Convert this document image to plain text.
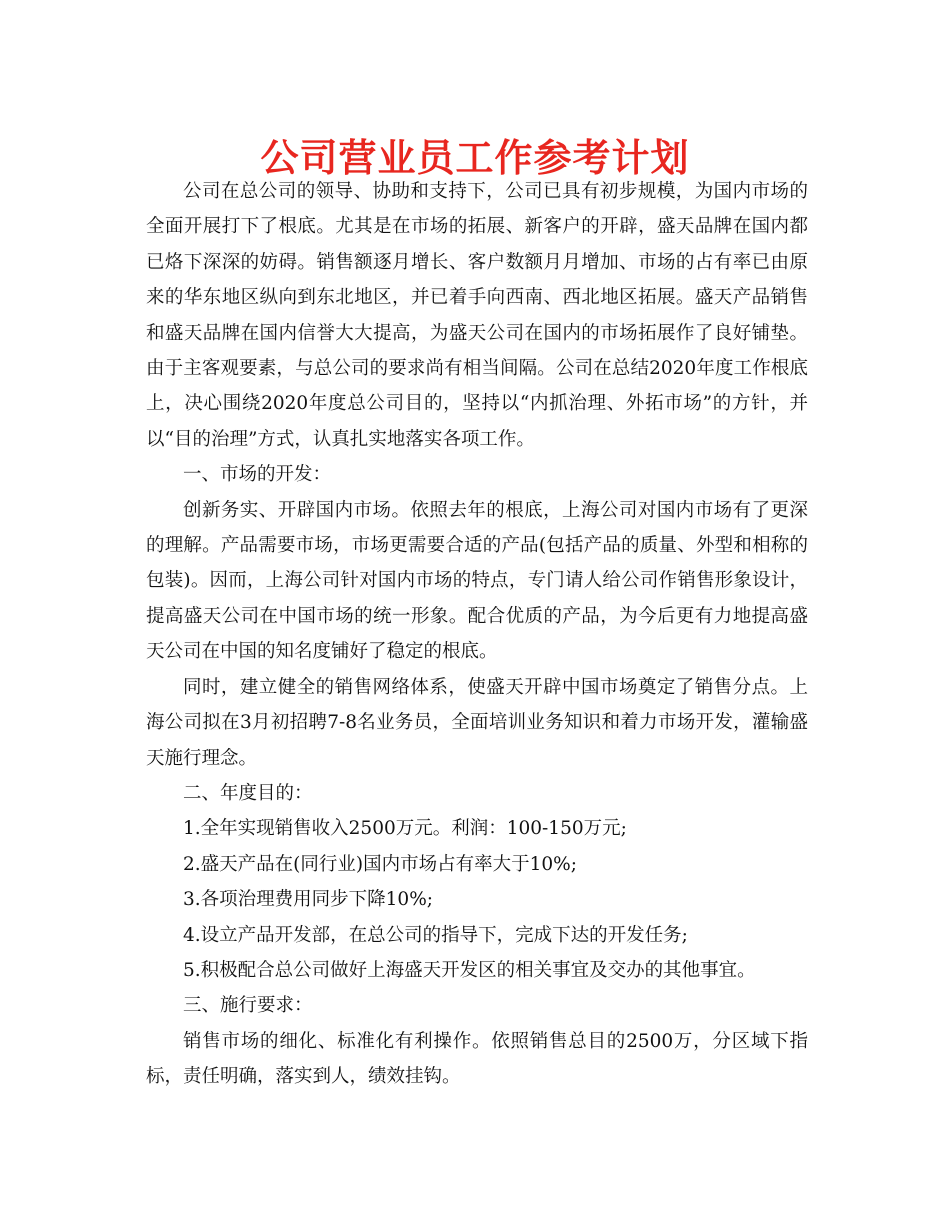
公司营业员工作参考计划

公司在总公司的领导、协助和支持下，公司已具有初步规模，为国内市场的全面开展打下了根底。尤其是在市场的拓展、新客户的开辟，盛天品牌在国内都已烙下深深的妨碍。销售额逐月增长、客户数额月月增加、市场的占有率已由原来的华东地区纵向到东北地区，并已着手向西南、西北地区拓展。盛天产品销售和盛天品牌在国内信誉大大提高，为盛天公司在国内的市场拓展作了良好铺垫。由于主客观要素，与总公司的要求尚有相当间隔。公司在总结2020年度工作根底上，决心围绕2020年度总公司目的，坚持以“内抓治理、外拓市场”的方针，并以“目的治理”方式，认真扎实地落实各项工作。

一、市场的开发：

创新务实、开辟国内市场。依照去年的根底，上海公司对国内市场有了更深的理解。产品需要市场，市场更需要合适的产品(包括产品的质量、外型和相称的包装)。因而，上海公司针对国内市场的特点，专门请人给公司作销售形象设计，提高盛天公司在中国市场的统一形象。配合优质的产品，为今后更有力地提高盛天公司在中国的知名度铺好了稳定的根底。

同时，建立健全的销售网络体系，使盛天开辟中国市场奠定了销售分点。上海公司拟在3月初招聘7-8名业务员，全面培训业务知识和着力市场开发，灌输盛天施行理念。

二、年度目的：

1.全年实现销售收入2500万元。利润：100-150万元;

2.盛天产品在(同行业)国内市场占有率大于10%;

3.各项治理费用同步下降10%;

4.设立产品开发部，在总公司的指导下，完成下达的开发任务;

5.积极配合总公司做好上海盛天开发区的相关事宜及交办的其他事宜。

三、施行要求：

销售市场的细化、标准化有利操作。依照销售总目的2500万，分区域下指标，责任明确，落实到人，绩效挂钩。
